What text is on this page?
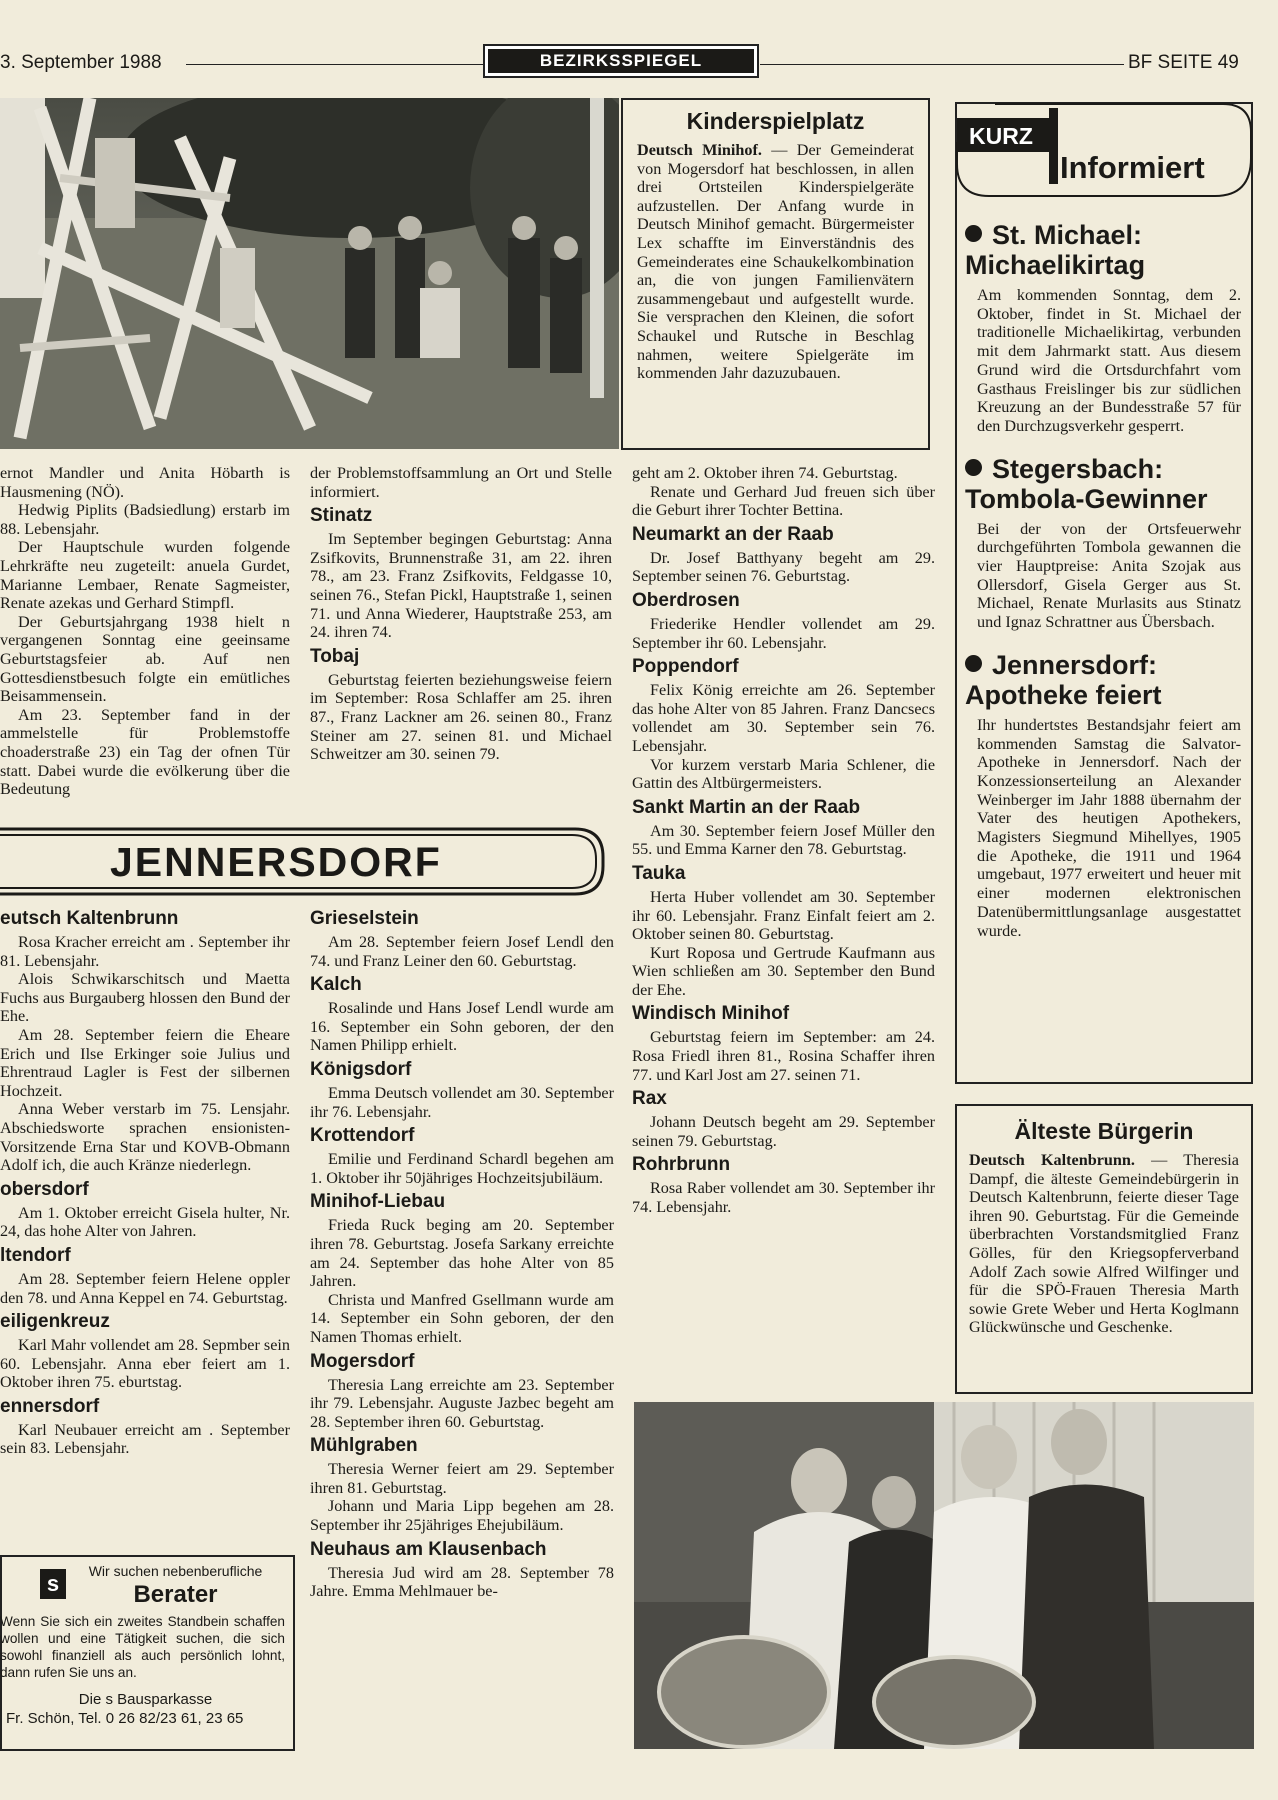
3. September 1988	BEZIRKSSPIEGEL	BF SEITE 49
Kinderspielplatz

Deutsch Minihof. — Der Gemeinderat von Mogersdorf hat beschlossen, in allen drei Ortsteilen Kinderspielgeräte aufzustellen. Der Anfang wurde in Deutsch Minihof gemacht. Bürgermeister Lex schaffte im Einverständnis des Gemeinderates eine Schaukelkombination an, die von jungen Familienvätern zusammengebaut und aufgestellt wurde. Sie versprachen den Kleinen, die sofort Schaukel und Rutsche in Beschlag nahmen, weitere Spielgeräte im kommenden Jahr dazuzubauen.

ernot Mandler und Anita Höbarth is Hausmening (NÖ).

Hedwig Piplits (Badsiedlung) erstarb im 88. Lebensjahr.

Der Hauptschule wurden folgende Lehrkräfte neu zugeteilt: anuela Gurdet, Marianne Lembaer, Renate Sagmeister, Renate azekas und Gerhard Stimpfl.

Der Geburtsjahrgang 1938 hielt n vergangenen Sonntag eine geeinsame Geburtstagsfeier ab. Auf nen Gottesdienstbesuch folgte ein emütliches Beisammensein.

Am 23. September fand in der ammelstelle für Problemstoffe choaderstraße 23) ein Tag der ofnen Tür statt. Dabei wurde die evölkerung über die Bedeutung

der Problemstoffsammlung an Ort und Stelle informiert.

Stinatz

Im September begingen Geburtstag: Anna Zsifkovits, Brunnenstraße 31, am 22. ihren 78., am 23. Franz Zsifkovits, Feldgasse 10, seinen 76., Stefan Pickl, Hauptstraße 1, seinen 71. und Anna Wiederer, Hauptstraße 253, am 24. ihren 74.

Tobaj

Geburtstag feierten beziehungsweise feiern im September: Rosa Schlaffer am 25. ihren 87., Franz Lackner am 26. seinen 80., Franz Steiner am 27. seinen 81. und Michael Schweitzer am 30. seinen 79.

JENNERSDORF
eutsch Kaltenbrunn

Rosa Kracher erreicht am . September ihr 81. Lebensjahr.

Alois Schwikarschitsch und Maetta Fuchs aus Burgauberg hlossen den Bund der Ehe.

Am 28. September feiern die Eheare Erich und Ilse Erkinger soie Julius und Ehrentraud Lagler is Fest der silbernen Hochzeit.

Anna Weber verstarb im 75. Lensjahr. Abschiedsworte sprachen ensionisten-Vorsitzende Erna Star und KOVB-Obmann Adolf ich, die auch Kränze niederlegn.

obersdorf

Am 1. Oktober erreicht Gisela hulter, Nr. 24, das hohe Alter von Jahren.

ltendorf

Am 28. September feiern Helene oppler den 78. und Anna Keppel en 74. Geburtstag.

eiligenkreuz

Karl Mahr vollendet am 28. Sepmber sein 60. Lebensjahr. Anna eber feiert am 1. Oktober ihren 75. eburtstag.

ennersdorf

Karl Neubauer erreicht am . September sein 83. Lebensjahr.

s	Wir suchen nebenberufliche
Berater
Wenn Sie sich ein zweites Standbein schaffen wollen und eine Tätigkeit suchen, die sich sowohl finanziell als auch persönlich lohnt, dann rufen Sie uns an.
Die s Bausparkasse
Fr. Schön, Tel. 0 26 82/23 61, 23 65
Grieselstein

Am 28. September feiern Josef Lendl den 74. und Franz Leiner den 60. Geburtstag.

Kalch

Rosalinde und Hans Josef Lendl wurde am 16. September ein Sohn geboren, der den Namen Philipp erhielt.

Königsdorf

Emma Deutsch vollendet am 30. September ihr 76. Lebensjahr.

Krottendorf

Emilie und Ferdinand Schardl begehen am 1. Oktober ihr 50jähriges Hochzeitsjubiläum.

Minihof-Liebau

Frieda Ruck beging am 20. September ihren 78. Geburtstag. Josefa Sarkany erreichte am 24. September das hohe Alter von 85 Jahren.

Christa und Manfred Gsellmann wurde am 14. September ein Sohn geboren, der den Namen Thomas erhielt.

Mogersdorf

Theresia Lang erreichte am 23. September ihr 79. Lebensjahr. Auguste Jazbec begeht am 28. September ihren 60. Geburtstag.

Mühlgraben

Theresia Werner feiert am 29. September ihren 81. Geburtstag.

Johann und Maria Lipp begehen am 28. September ihr 25jähriges Ehejubiläum.

Neuhaus am Klausenbach

Theresia Jud wird am 28. September 78 Jahre. Emma Mehlmauer be-

geht am 2. Oktober ihren 74. Geburtstag.

Renate und Gerhard Jud freuen sich über die Geburt ihrer Tochter Bettina.

Neumarkt an der Raab

Dr. Josef Batthyany begeht am 29. September seinen 76. Geburtstag.

Oberdrosen

Friederike Hendler vollendet am 29. September ihr 60. Lebensjahr.

Poppendorf

Felix König erreichte am 26. September das hohe Alter von 85 Jahren. Franz Dancsecs vollendet am 30. September sein 76. Lebensjahr.

Vor kurzem verstarb Maria Schlener, die Gattin des Altbürgermeisters.

Sankt Martin an der Raab

Am 30. September feiern Josef Müller den 55. und Emma Karner den 78. Geburtstag.

Tauka

Herta Huber vollendet am 30. September ihr 60. Lebensjahr. Franz Einfalt feiert am 2. Oktober seinen 80. Geburtstag.

Kurt Roposa und Gertrude Kaufmann aus Wien schließen am 30. September den Bund der Ehe.

Windisch Minihof

Geburtstag feiern im September: am 24. Rosa Friedl ihren 81., Rosina Schaffer ihren 77. und Karl Jost am 27. seinen 71.

Rax

Johann Deutsch begeht am 29. September seinen 79. Geburtstag.

Rohrbrunn

Rosa Raber vollendet am 30. September ihr 74. Lebensjahr.

KURZ
Informiert
St. Michael: Michaelikirtag

Am kommenden Sonntag, dem 2. Oktober, findet in St. Michael der traditionelle Michaelikirtag, verbunden mit dem Jahrmarkt statt. Aus diesem Grund wird die Ortsdurchfahrt vom Gasthaus Freislinger bis zur südlichen Kreuzung an der Bundesstraße 57 für den Durchzugsverkehr gesperrt.

Stegersbach: Tombola-Gewinner

Bei der von der Ortsfeuerwehr durchgeführten Tombola gewannen die vier Hauptpreise: Anita Szojak aus Ollersdorf, Gisela Gerger aus St. Michael, Renate Murlasits aus Stinatz und Ignaz Schrattner aus Übersbach.

Jennersdorf: Apotheke feiert

Ihr hundertstes Bestandsjahr feiert am kommenden Samstag die Salvator-Apotheke in Jennersdorf. Nach der Konzessionserteilung an Alexander Weinberger im Jahr 1888 übernahm der Vater des heutigen Apothekers, Magisters Siegmund Mihellyes, 1905 die Apotheke, die 1911 und 1964 umgebaut, 1977 erweitert und heuer mit einer modernen elektronischen Datenübermittlungsanlage ausgestattet wurde.

Älteste Bürgerin

Deutsch Kaltenbrunn. — Theresia Dampf, die älteste Gemeindebürgerin in Deutsch Kaltenbrunn, feierte dieser Tage ihren 90. Geburtstag. Für die Gemeinde überbrachten Vorstandsmitglied Franz Gölles, für den Kriegsopferverband Adolf Zach sowie Alfred Wilfinger und für die SPÖ-Frauen Theresia Marth sowie Grete Weber und Herta Koglmann Glückwünsche und Geschenke.
